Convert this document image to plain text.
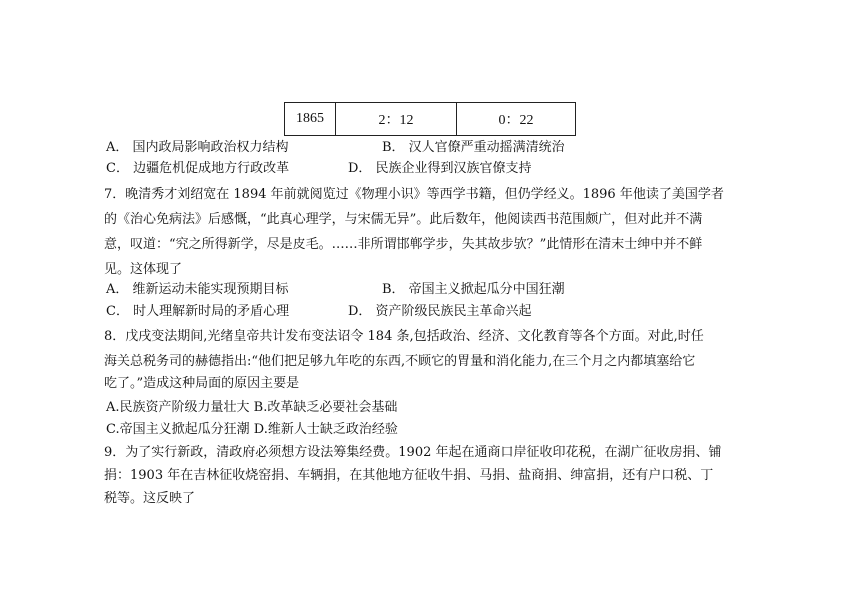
1865	2：12	0：22
A． 国内政局影响政治权力结构	B． 汉人官僚严重动摇满清统治
C． 边疆危机促成地方行政改革	D． 民族企业得到汉族官僚支持
7．晚清秀才刘绍宽在 1894 年前就阅览过《物理小识》等西学书籍，但仍学经义。1896 年他读了美国学者
的《治心免病法》后感慨，“此真心理学，与宋儒无异”。此后数年，他阅读西书范围颇广，但对此并不满
意，叹道：“究之所得新学，尽是皮毛。……非所谓邯郸学步，失其故步欤？”此情形在清末士绅中并不鲜
见。这体现了
A． 维新运动未能实现预期目标	B． 帝国主义掀起瓜分中国狂潮
C． 时人理解新时局的矛盾心理	D． 资产阶级民族民主革命兴起
8．戊戌变法期间,光绪皇帝共计发布变法诏令 184 条,包括政治、经济、文化教育等各个方面。对此,时任
海关总税务司的赫德指出:“他们把足够九年吃的东西,不顾它的胃量和消化能力,在三个月之内都填塞给它
吃了。”造成这种局面的原因主要是
A.民族资产阶级力量壮大 B.改革缺乏必要社会基础
C.帝国主义掀起瓜分狂潮 D.维新人士缺乏政治经验
9．为了实行新政，清政府必须想方设法筹集经费。1902 年起在通商口岸征收印花税，在湖广征收房捐、铺
捐：1903 年在吉林征收烧窑捐、车辆捐，在其他地方征收牛捐、马捐、盐商捐、绅富捐，还有户口税、丁
税等。这反映了
